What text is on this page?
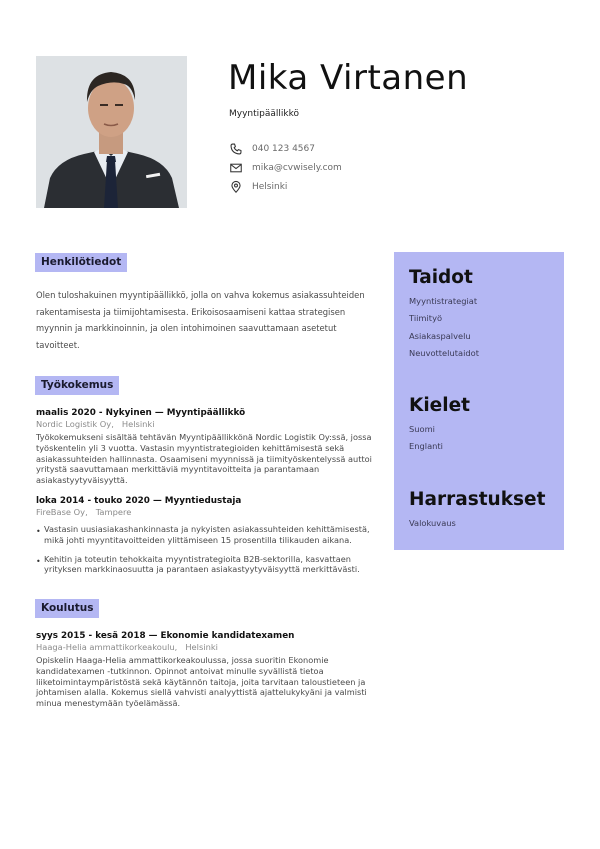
Mika Virtanen
Myyntipäällikkö
040 123 4567
mika@cvwisely.com
Helsinki
Henkilötiedot

Olen tuloshakuinen myyntipäällikkö, jolla on vahva kokemus asiakassuhteiden rakentamisesta ja tiimijohtamisesta. Erikoisosaamiseni kattaa strategisen myynnin ja markkinoinnin, ja olen intohimoinen saavuttamaan asetetut tavoitteet.

Työkokemus
maalis 2020 - Nykyinen — Myyntipäällikkö
Nordic Logistik Oy, Helsinki
Työkokemukseni sisältää tehtävän Myyntipäällikkönä Nordic Logistik Oy:ssä, jossa työskentelin yli 3 vuotta. Vastasin myyntistrategioiden kehittämisestä sekä asiakassuhteiden hallinnasta. Osaamiseni myynnissä ja tiimityöskentelyssä auttoi yritystä saavuttamaan merkittäviä myyntitavoitteita ja parantamaan asiakastyytyväisyyttä.
loka 2014 - touko 2020 — Myyntiedustaja
FireBase Oy, Tampere
• Vastasin uusiasiakashankinnasta ja nykyisten asiakassuhteiden kehittämisestä, mikä johti myyntitavoitteiden ylittämiseen 15 prosentilla tilikauden aikana.
• Kehitin ja toteutin tehokkaita myyntistrategioita B2B-sektorilla, kasvattaen yrityksen markkinaosuutta ja parantaen asiakastyytyväisyyttä merkittävästi.
Koulutus
syys 2015 - kesä 2018 — Ekonomie kandidatexamen
Haaga-Helia ammattikorkeakoulu, Helsinki
Opiskelin Haaga-Helia ammattikorkeakoulussa, jossa suoritin Ekonomie kandidatexamen -tutkinnon. Opinnot antoivat minulle syvällistä tietoa liiketoimintaympäristöstä sekä käytännön taitoja, joita tarvitaan taloustieteen ja johtamisen alalla. Kokemus siellä vahvisti analyyttistä ajattelukykyäni ja valmisti minua menestymään työelämässä.
Taidot
Myyntistrategiat
Tiimityö
Asiakaspalvelu
Neuvottelutaidot
Kielet
Suomi
Englanti
Harrastukset
Valokuvaus
